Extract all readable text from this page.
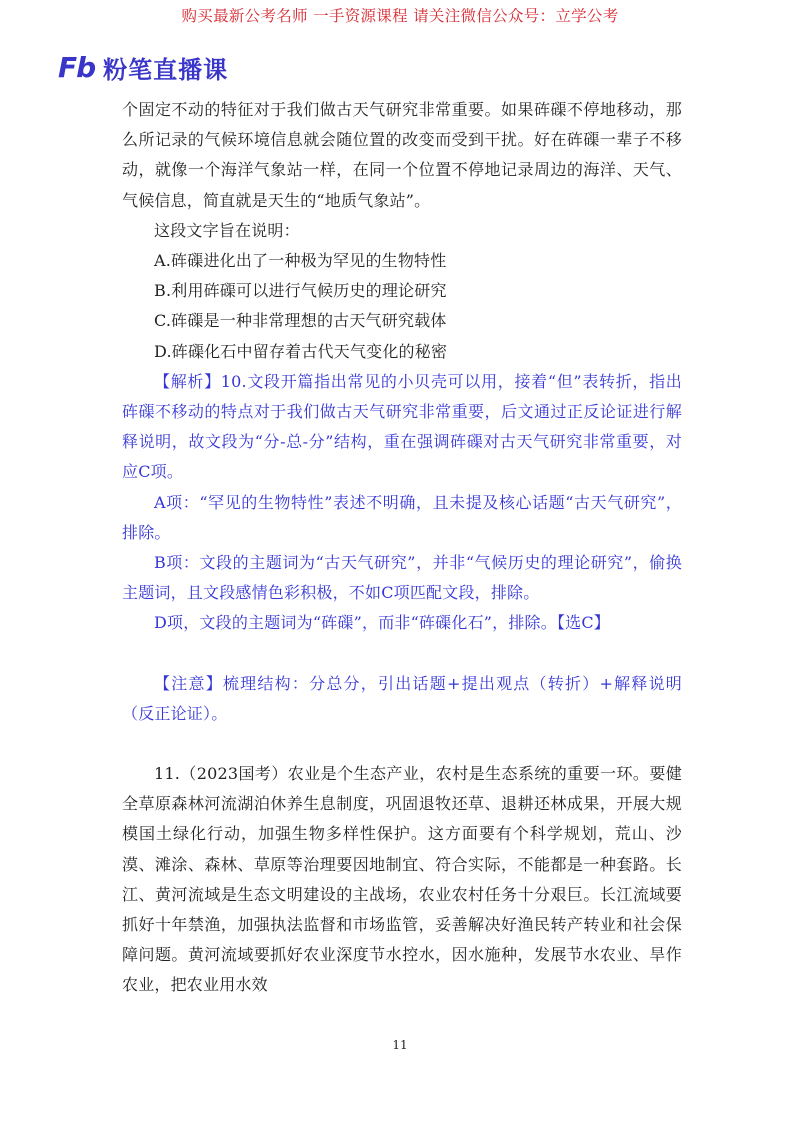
购买最新公考名师 一手资源课程 请关注微信公众号：立学公考
Fb 粉笔直播课

个固定不动的特征对于我们做古天气研究非常重要。如果砗磲不停地移动，那么所记录的气候环境信息就会随位置的改变而受到干扰。好在砗磲一辈子不移动，就像一个海洋气象站一样，在同一个位置不停地记录周边的海洋、天气、气候信息，简直就是天生的“地质气象站”。

这段文字旨在说明：

A.砗磲进化出了一种极为罕见的生物特性

B.利用砗磲可以进行气候历史的理论研究

C.砗磲是一种非常理想的古天气研究载体

D.砗磲化石中留存着古代天气变化的秘密

【解析】10.文段开篇指出常见的小贝壳可以用，接着“但”表转折，指出砗磲不移动的特点对于我们做古天气研究非常重要，后文通过正反论证进行解释说明，故文段为“分-总-分”结构，重在强调砗磲对古天气研究非常重要，对应C项。

A项：“罕见的生物特性”表述不明确，且未提及核心话题“古天气研究”，排除。

B项：文段的主题词为“古天气研究”，并非“气候历史的理论研究”，偷换主题词，且文段感情色彩积极，不如C项匹配文段，排除。

D项，文段的主题词为“砗磲”，而非“砗磲化石”，排除。【选C】

【注意】梳理结构：分总分，引出话题+提出观点（转折）+解释说明（反正论证）。

11.（2023国考）农业是个生态产业，农村是生态系统的重要一环。要健全草原森林河流湖泊休养生息制度，巩固退牧还草、退耕还林成果，开展大规模国土绿化行动，加强生物多样性保护。这方面要有个科学规划，荒山、沙漠、滩涂、森林、草原等治理要因地制宜、符合实际，不能都是一种套路。长江、黄河流域是生态文明建设的主战场，农业农村任务十分艰巨。长江流域要抓好十年禁渔，加强执法监督和市场监管，妥善解决好渔民转产转业和社会保障问题。黄河流域要抓好农业深度节水控水，因水施种，发展节水农业、旱作农业，把农业用水效

11
